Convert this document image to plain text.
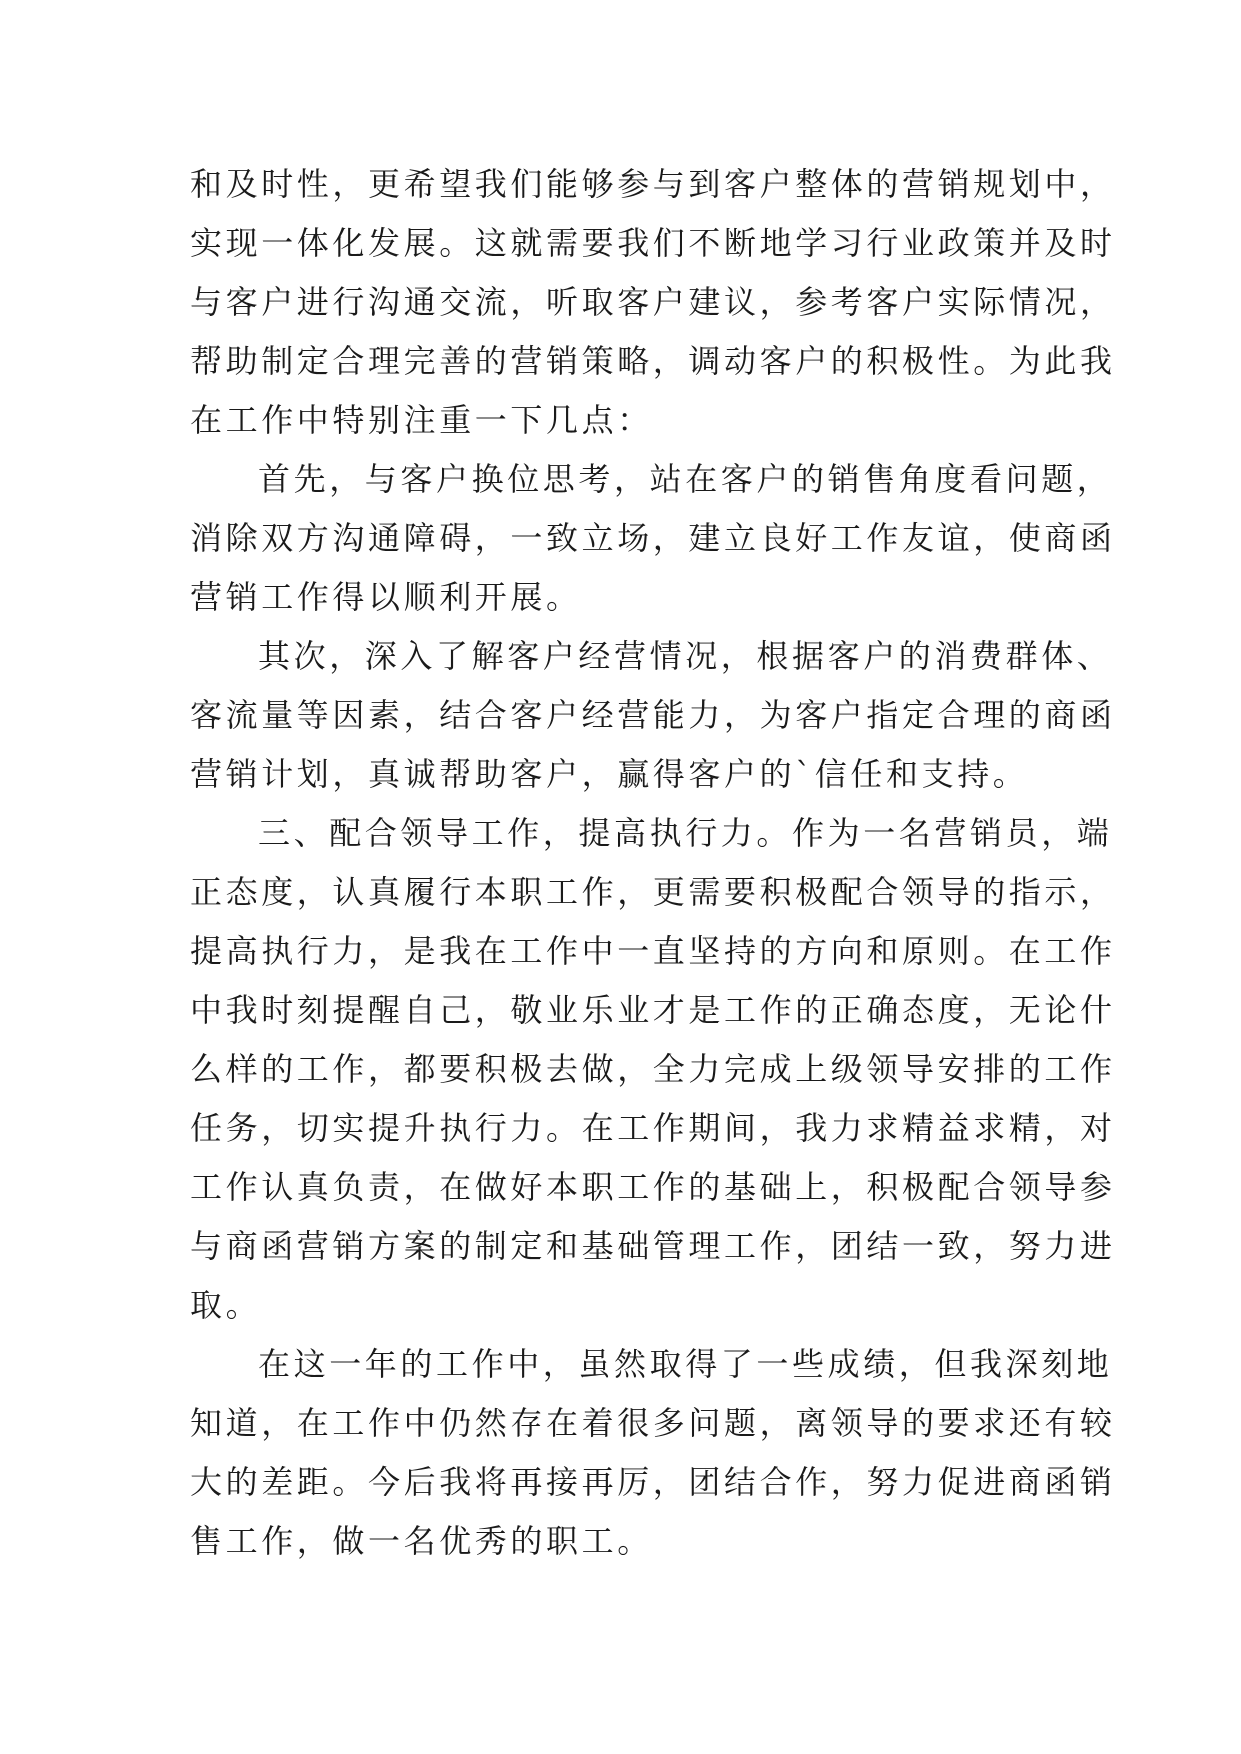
和及时性，更希望我们能够参与到客户整体的营销规划中，
实现一体化发展。这就需要我们不断地学习行业政策并及时
与客户进行沟通交流，听取客户建议，参考客户实际情况，
帮助制定合理完善的营销策略，调动客户的积极性。为此我
在工作中特别注重一下几点：
首先，与客户换位思考，站在客户的销售角度看问题，
消除双方沟通障碍，一致立场，建立良好工作友谊，使商函
营销工作得以顺利开展。
其次，深入了解客户经营情况，根据客户的消费群体、
客流量等因素，结合客户经营能力，为客户指定合理的商函
营销计划，真诚帮助客户，赢得客户的`信任和支持。
三、配合领导工作，提高执行力。作为一名营销员，端
正态度，认真履行本职工作，更需要积极配合领导的指示，
提高执行力，是我在工作中一直坚持的方向和原则。在工作
中我时刻提醒自己，敬业乐业才是工作的正确态度，无论什
么样的工作，都要积极去做，全力完成上级领导安排的工作
任务，切实提升执行力。在工作期间，我力求精益求精，对
工作认真负责，在做好本职工作的基础上，积极配合领导参
与商函营销方案的制定和基础管理工作，团结一致，努力进
取。
在这一年的工作中，虽然取得了一些成绩，但我深刻地
知道，在工作中仍然存在着很多问题，离领导的要求还有较
大的差距。今后我将再接再厉，团结合作，努力促进商函销
售工作，做一名优秀的职工。
